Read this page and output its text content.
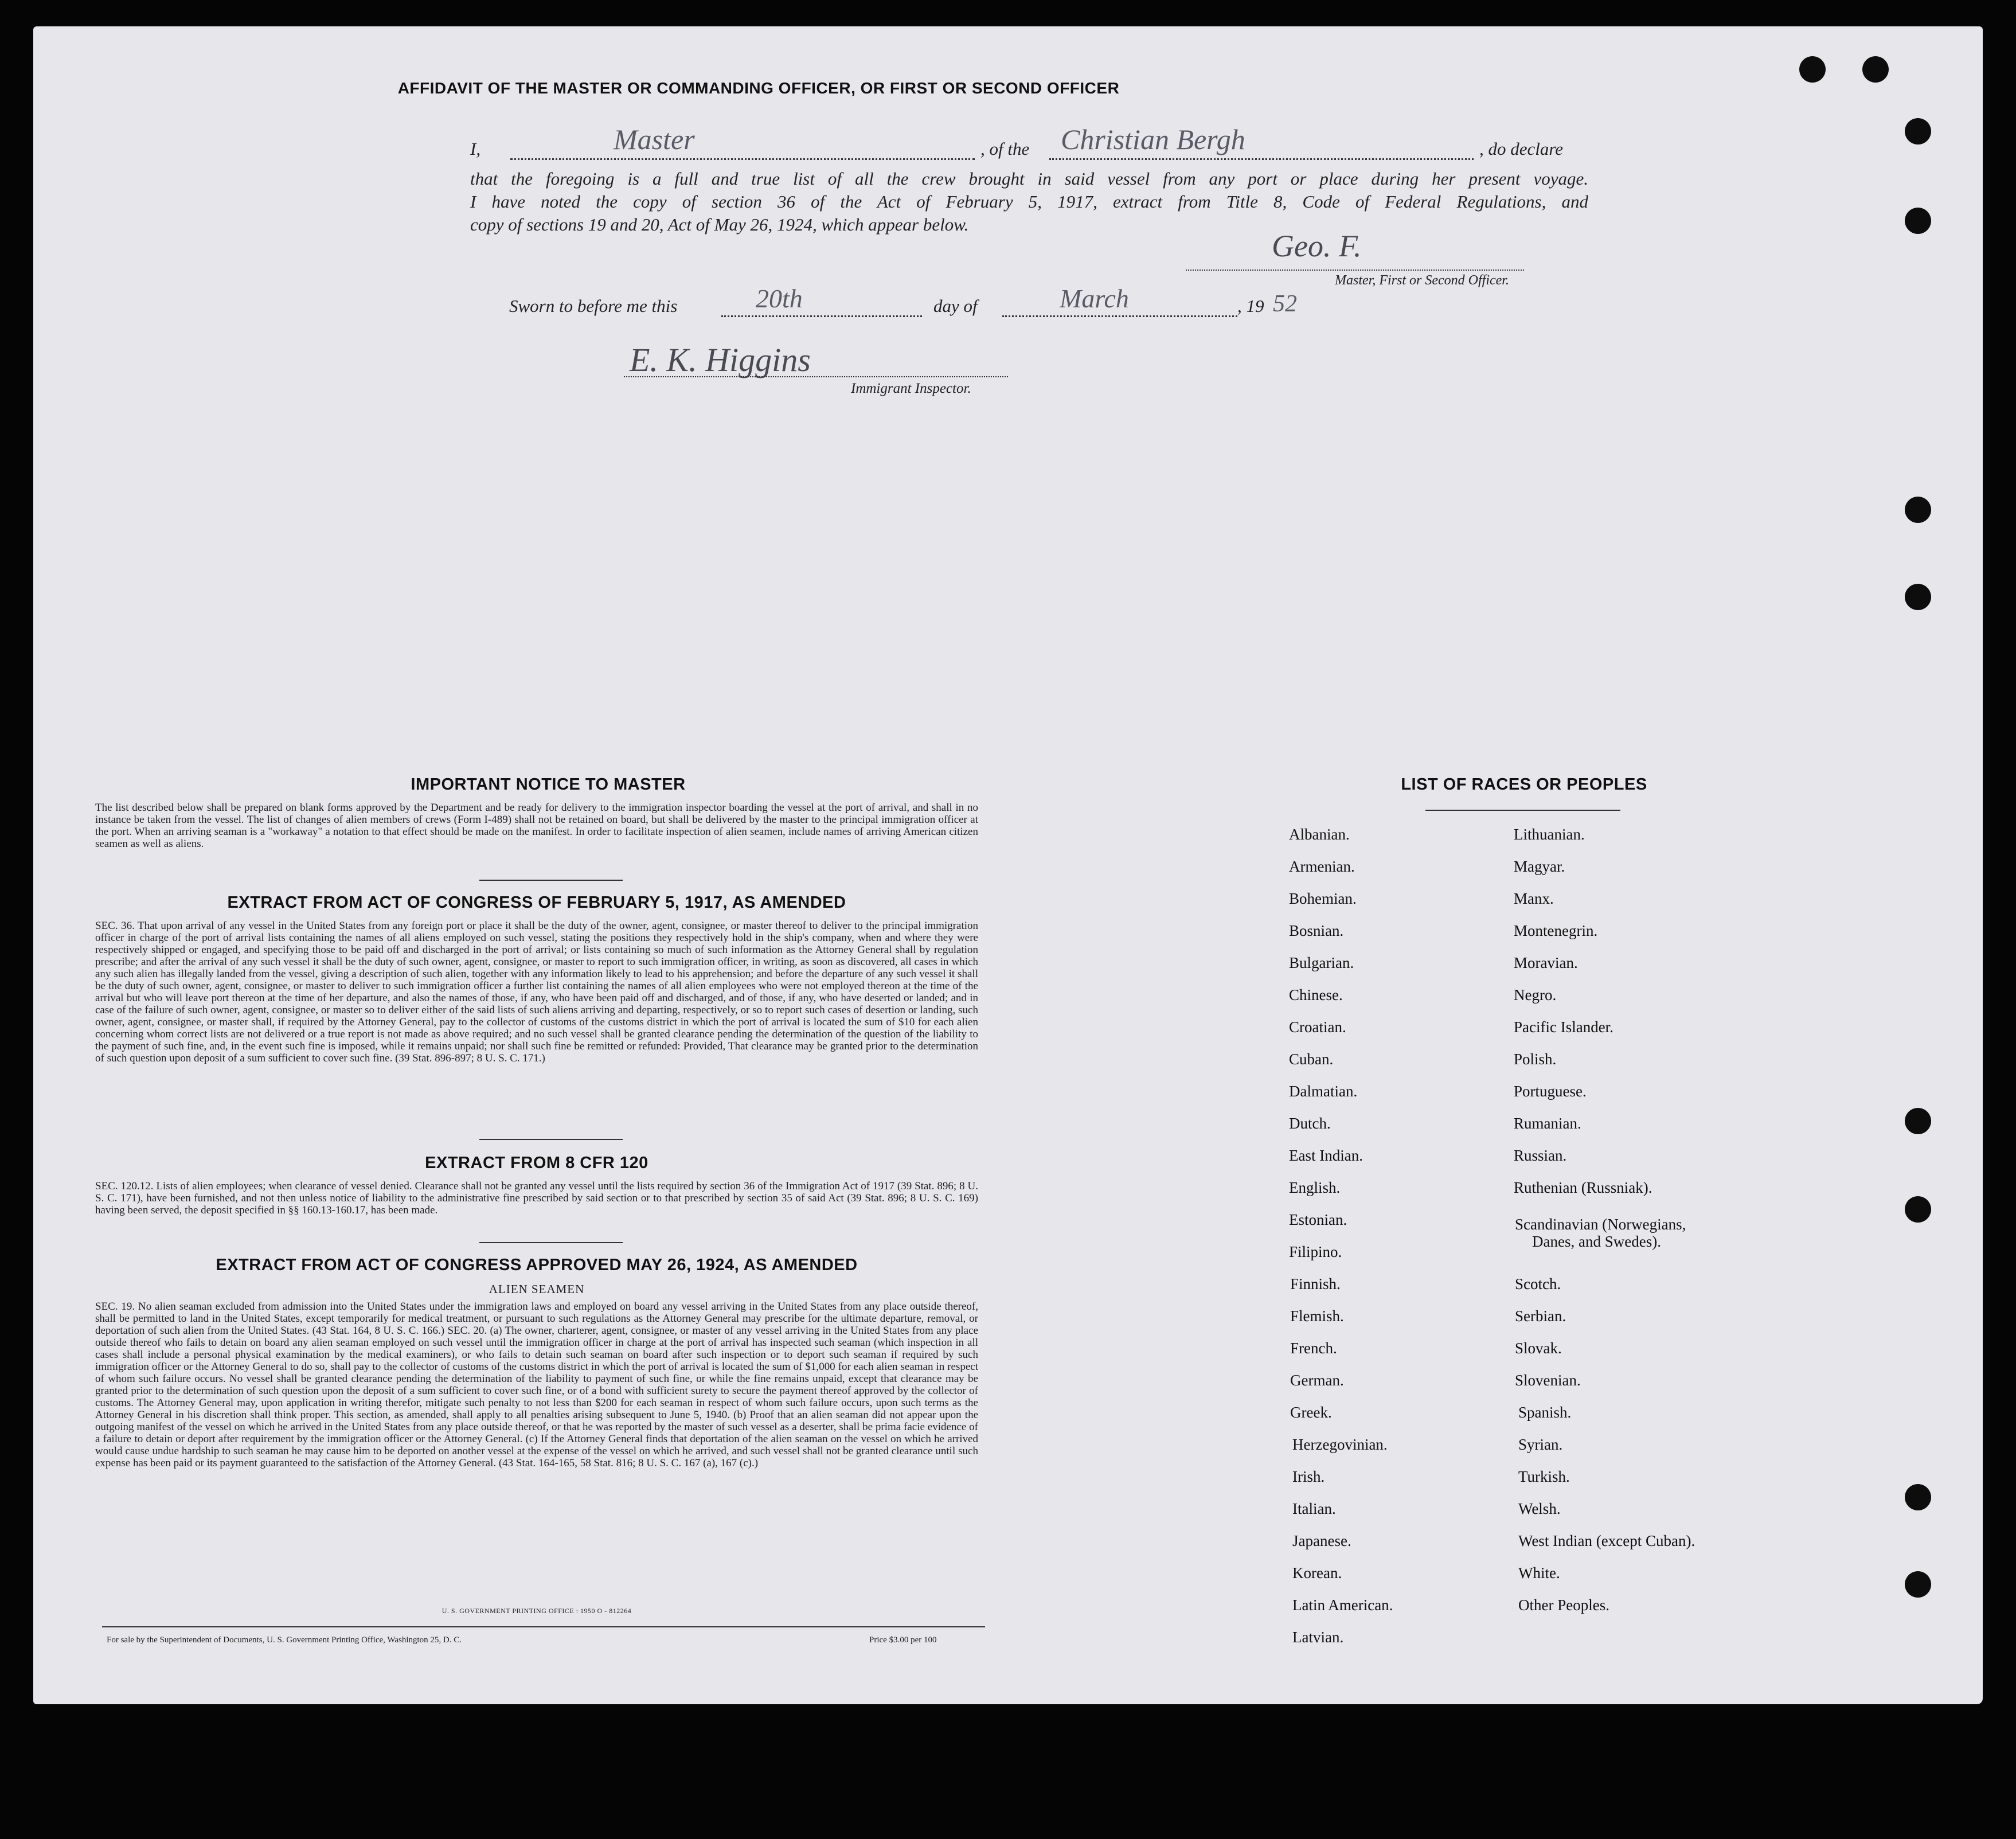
AFFIDAVIT OF THE MASTER OR COMMANDING OFFICER, OR FIRST OR SECOND OFFICER
I,	Master	, of the Christian Bergh	, do declare
that the foregoing is a full and true list of all the crew brought in said vessel from any port or place during her present voyage.
I have noted the copy of section 36 of the Act of February 5, 1917, extract from Title 8, Code of Federal Regulations, and
copy of sections 19 and 20, Act of May 26, 1924, which appear below.
Geo. F.
Master, First or Second Officer.
Sworn to before me this	20th	day of	March	, 19 52
E. K. Higgins
Immigrant Inspector.
IMPORTANT NOTICE TO MASTER
The list described below shall be prepared on blank forms approved by the Department and be ready for delivery to the immigration inspector boarding the vessel at the port of arrival, and shall in no instance be taken from the vessel. The list of changes of alien members of crews (Form I-489) shall not be retained on board, but shall be delivered by the master to the principal immigration officer at the port. When an arriving seaman is a "workaway" a notation to that effect should be made on the manifest. In order to facilitate inspection of alien seamen, include names of arriving American citizen seamen as well as aliens.
EXTRACT FROM ACT OF CONGRESS OF FEBRUARY 5, 1917, AS AMENDED
SEC. 36. That upon arrival of any vessel in the United States from any foreign port or place it shall be the duty of the owner, agent, consignee, or master thereof to deliver to the principal immigration officer in charge of the port of arrival lists containing the names of all aliens employed on such vessel, stating the positions they respectively hold in the ship's company, when and where they were respectively shipped or engaged, and specifying those to be paid off and discharged in the port of arrival; or lists containing so much of such information as the Attorney General shall by regulation prescribe; and after the arrival of any such vessel it shall be the duty of such owner, agent, consignee, or master to report to such immigration officer, in writing, as soon as discovered, all cases in which any such alien has illegally landed from the vessel, giving a description of such alien, together with any information likely to lead to his apprehension; and before the departure of any such vessel it shall be the duty of such owner, agent, consignee, or master to deliver to such immigration officer a further list containing the names of all alien employees who were not employed thereon at the time of the arrival but who will leave port thereon at the time of her departure, and also the names of those, if any, who have been paid off and discharged, and of those, if any, who have deserted or landed; and in case of the failure of such owner, agent, consignee, or master so to deliver either of the said lists of such aliens arriving and departing, respectively, or so to report such cases of desertion or landing, such owner, agent, consignee, or master shall, if required by the Attorney General, pay to the collector of customs of the customs district in which the port of arrival is located the sum of $10 for each alien concerning whom correct lists are not delivered or a true report is not made as above required; and no such vessel shall be granted clearance pending the determination of the question of the liability to the payment of such fine, and, in the event such fine is imposed, while it remains unpaid; nor shall such fine be remitted or refunded: Provided, That clearance may be granted prior to the determination of such question upon deposit of a sum sufficient to cover such fine. (39 Stat. 896-897; 8 U. S. C. 171.)
EXTRACT FROM 8 CFR 120
SEC. 120.12. Lists of alien employees; when clearance of vessel denied. Clearance shall not be granted any vessel until the lists required by section 36 of the Immigration Act of 1917 (39 Stat. 896; 8 U. S. C. 171), have been furnished, and not then unless notice of liability to the administrative fine prescribed by said section or to that prescribed by section 35 of said Act (39 Stat. 896; 8 U. S. C. 169) having been served, the deposit specified in §§ 160.13-160.17, has been made.
EXTRACT FROM ACT OF CONGRESS APPROVED MAY 26, 1924, AS AMENDED
ALIEN SEAMEN
SEC. 19. No alien seaman excluded from admission into the United States under the immigration laws and employed on board any vessel arriving in the United States from any place outside thereof, shall be permitted to land in the United States, except temporarily for medical treatment, or pursuant to such regulations as the Attorney General may prescribe for the ultimate departure, removal, or deportation of such alien from the United States. (43 Stat. 164, 8 U. S. C. 166.) SEC. 20. (a) The owner, charterer, agent, consignee, or master of any vessel arriving in the United States from any place outside thereof who fails to detain on board any alien seaman employed on such vessel until the immigration officer in charge at the port of arrival has inspected such seaman (which inspection in all cases shall include a personal physical examination by the medical examiners), or who fails to detain such seaman on board after such inspection or to deport such seaman if required by such immigration officer or the Attorney General to do so, shall pay to the collector of customs of the customs district in which the port of arrival is located the sum of $1,000 for each alien seaman in respect of whom such failure occurs. No vessel shall be granted clearance pending the determination of the liability to payment of such fine, or while the fine remains unpaid, except that clearance may be granted prior to the determination of such question upon the deposit of a sum sufficient to cover such fine, or of a bond with sufficient surety to secure the payment thereof approved by the collector of customs. The Attorney General may, upon application in writing therefor, mitigate such penalty to not less than $200 for each seaman in respect of whom such failure occurs, upon such terms as the Attorney General in his discretion shall think proper. This section, as amended, shall apply to all penalties arising subsequent to June 5, 1940. (b) Proof that an alien seaman did not appear upon the outgoing manifest of the vessel on which he arrived in the United States from any place outside thereof, or that he was reported by the master of such vessel as a deserter, shall be prima facie evidence of a failure to detain or deport after requirement by the immigration officer or the Attorney General. (c) If the Attorney General finds that deportation of the alien seaman on the vessel on which he arrived would cause undue hardship to such seaman he may cause him to be deported on another vessel at the expense of the vessel on which he arrived, and such vessel shall not be granted clearance until such expense has been paid or its payment guaranteed to the satisfaction of the Attorney General. (43 Stat. 164-165, 58 Stat. 816; 8 U. S. C. 167 (a), 167 (c).)
U. S. GOVERNMENT PRINTING OFFICE : 1950 O - 812264
For sale by the Superintendent of Documents, U. S. Government Printing Office, Washington 25, D. C.	Price $3.00 per 100
LIST OF RACES OR PEOPLES
Albanian.
Armenian.
Bohemian.
Bosnian.
Bulgarian.
Chinese.
Croatian.
Cuban.
Dalmatian.
Dutch.
East Indian.
English.
Estonian.
Filipino.
Finnish.
Flemish.
French.
German.
Greek.
Herzegovinian.
Irish.
Italian.
Japanese.
Korean.
Latin American.
Latvian.
Lithuanian.
Magyar.
Manx.
Montenegrin.
Moravian.
Negro.
Pacific Islander.
Polish.
Portuguese.
Rumanian.
Russian.
Ruthenian (Russniak).
Scandinavian (Norwegians,
Danes, and Swedes).
Scotch.
Serbian.
Slovak.
Slovenian.
Spanish.
Syrian.
Turkish.
Welsh.
West Indian (except Cuban).
White.
Other Peoples.
